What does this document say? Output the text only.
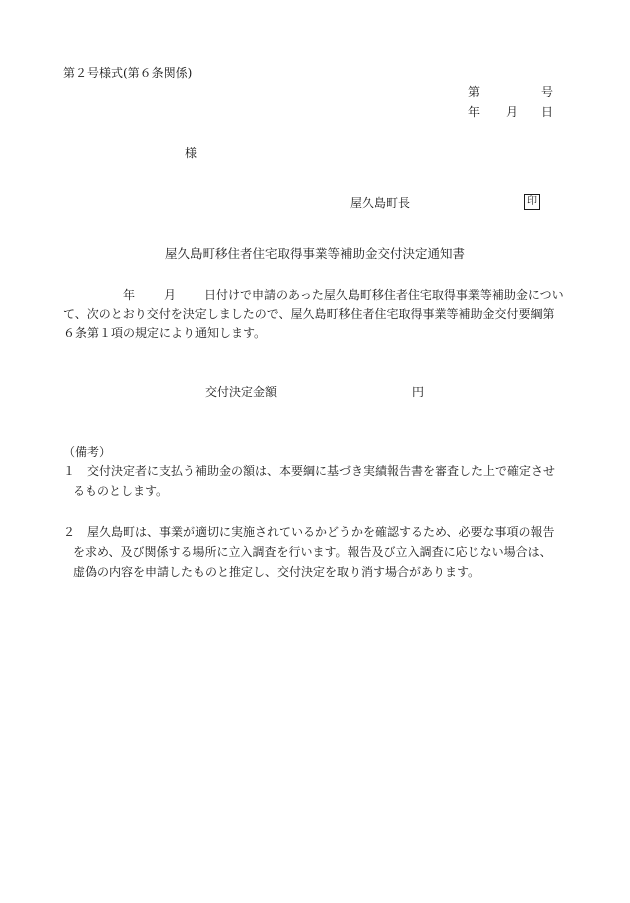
第２号様式(第６条関係)
第	号
年 月 日
様
屋久島町長	印
屋久島町移住者住宅取得事業等補助金交付決定通知書
年 月 日付けで申請のあった屋久島町移住者住宅取得事業等補助金につい
て、次のとおり交付を決定しましたので、屋久島町移住者住宅取得事業等補助金交付要綱第
６条第１項の規定により通知します。
交付決定金額	円
（備考）
１ 交付決定者に支払う補助金の額は、本要綱に基づき実績報告書を審査した上で確定させ
るものとします。
２ 屋久島町は、事業が適切に実施されているかどうかを確認するため、必要な事項の報告
を求め、及び関係する場所に立入調査を行います。報告及び立入調査に応じない場合は、
虚偽の内容を申請したものと推定し、交付決定を取り消す場合があります。
